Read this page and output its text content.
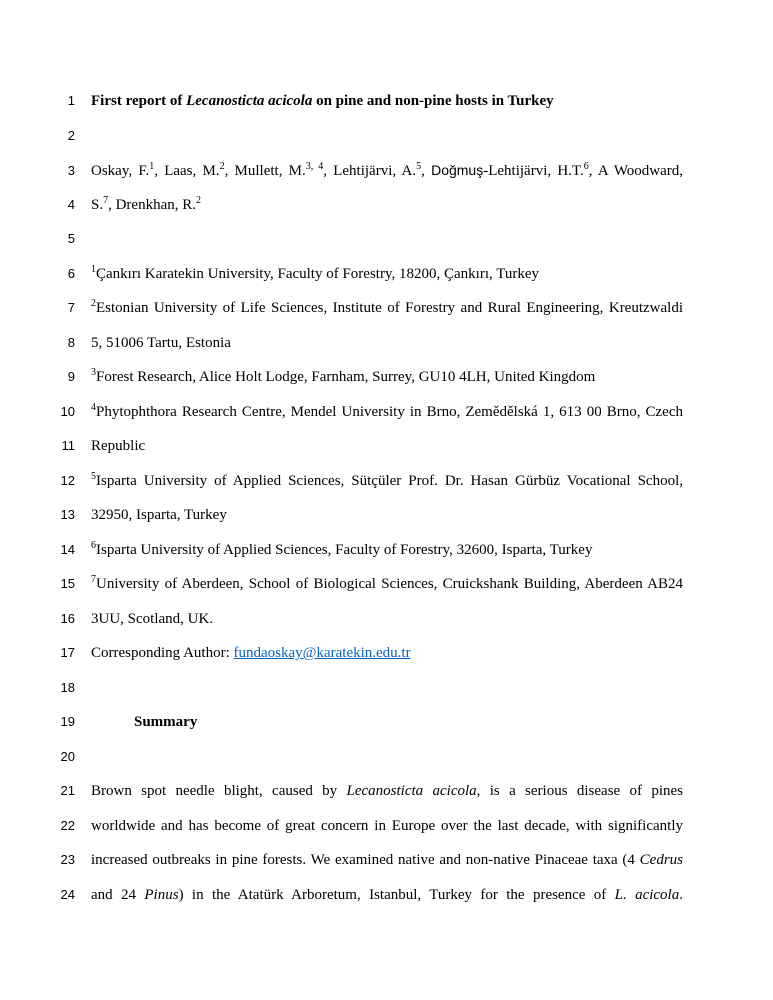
1 First report of Lecanosticta acicola on pine and non-pine hosts in Turkey
2
3 Oskay, F.$^1$, Laas, M.$^2$, Mullett, M.$^{3, 4}$, Lehtijärvi, A.$^5$, Doğmuş-Lehtijärvi, H.T.$^6$, A Woodward,
4 S.$^7$, Drenkhan, R.$^2$
5
6 $^1$Çankırı Karatekin University, Faculty of Forestry, 18200, Çankırı, Turkey
7 $^2$Estonian University of Life Sciences, Institute of Forestry and Rural Engineering, Kreutzwaldi
8 5, 51006 Tartu, Estonia
9 $^3$Forest Research, Alice Holt Lodge, Farnham, Surrey, GU10 4LH, United Kingdom
10 $^4$Phytophthora Research Centre, Mendel University in Brno, Zemědělská 1, 613 00 Brno, Czech
11 Republic
12 $^5$Isparta University of Applied Sciences, Sütçüler Prof. Dr. Hasan Gürbüz Vocational School,
13 32950, Isparta, Turkey
14 $^6$Isparta University of Applied Sciences, Faculty of Forestry, 32600, Isparta, Turkey
15 $^7$University of Aberdeen, School of Biological Sciences, Cruickshank Building, Aberdeen AB24
16 3UU, Scotland, UK.
17 Corresponding Author: fundaoskay@karatekin.edu.tr
18
19	Summary
20
21 Brown spot needle blight, caused by Lecanosticta acicola, is a serious disease of pines
22 worldwide and has become of great concern in Europe over the last decade, with significantly
23 increased outbreaks in pine forests. We examined native and non-native Pinaceae taxa (4 Cedrus
24 and 24 Pinus) in the Atatürk Arboretum, Istanbul, Turkey for the presence of L. acicola.
